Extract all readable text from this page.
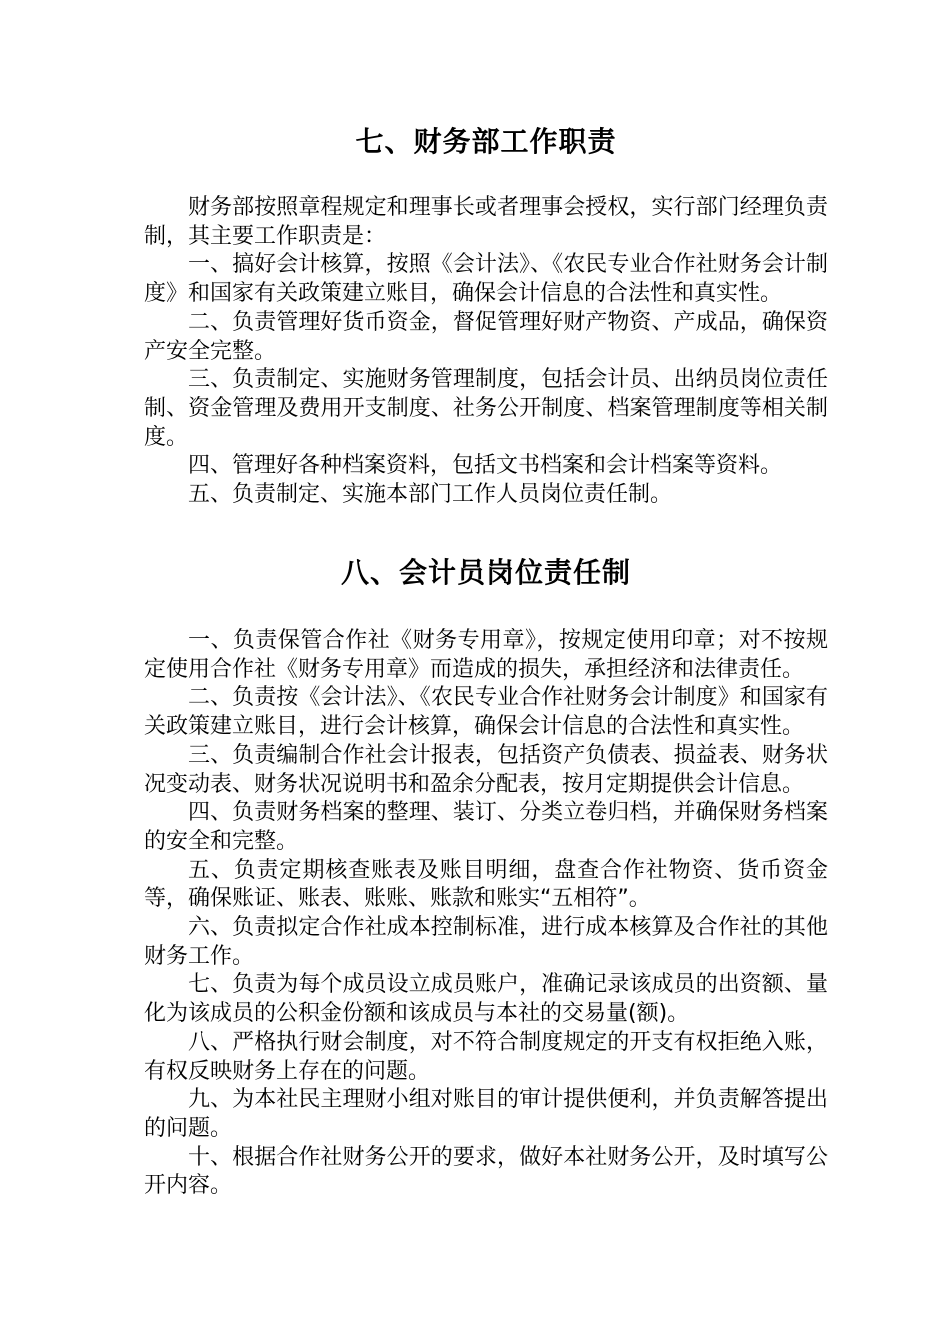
七、财务部工作职责

财务部按照章程规定和理事长或者理事会授权，实行部门经理负责制，其主要工作职责是：

一、搞好会计核算，按照《会计法》、《农民专业合作社财务会计制度》和国家有关政策建立账目，确保会计信息的合法性和真实性。

二、负责管理好货币资金，督促管理好财产物资、产成品，确保资产安全完整。

三、负责制定、实施财务管理制度，包括会计员、出纳员岗位责任制、资金管理及费用开支制度、社务公开制度、档案管理制度等相关制度。

四、管理好各种档案资料，包括文书档案和会计档案等资料。

五、负责制定、实施本部门工作人员岗位责任制。

八、会计员岗位责任制

一、负责保管合作社《财务专用章》，按规定使用印章；对不按规定使用合作社《财务专用章》而造成的损失，承担经济和法律责任。

二、负责按《会计法》、《农民专业合作社财务会计制度》和国家有关政策建立账目，进行会计核算，确保会计信息的合法性和真实性。

三、负责编制合作社会计报表，包括资产负债表、损益表、财务状况变动表、财务状况说明书和盈余分配表，按月定期提供会计信息。

四、负责财务档案的整理、装订、分类立卷归档，并确保财务档案的安全和完整。

五、负责定期核查账表及账目明细，盘查合作社物资、货币资金等，确保账证、账表、账账、账款和账实“五相符”。

六、负责拟定合作社成本控制标准，进行成本核算及合作社的其他财务工作。

七、负责为每个成员设立成员账户，准确记录该成员的出资额、量化为该成员的公积金份额和该成员与本社的交易量(额)。

八、严格执行财会制度，对不符合制度规定的开支有权拒绝入账，有权反映财务上存在的问题。

九、为本社民主理财小组对账目的审计提供便利，并负责解答提出的问题。

十、根据合作社财务公开的要求，做好本社财务公开，及时填写公开内容。
